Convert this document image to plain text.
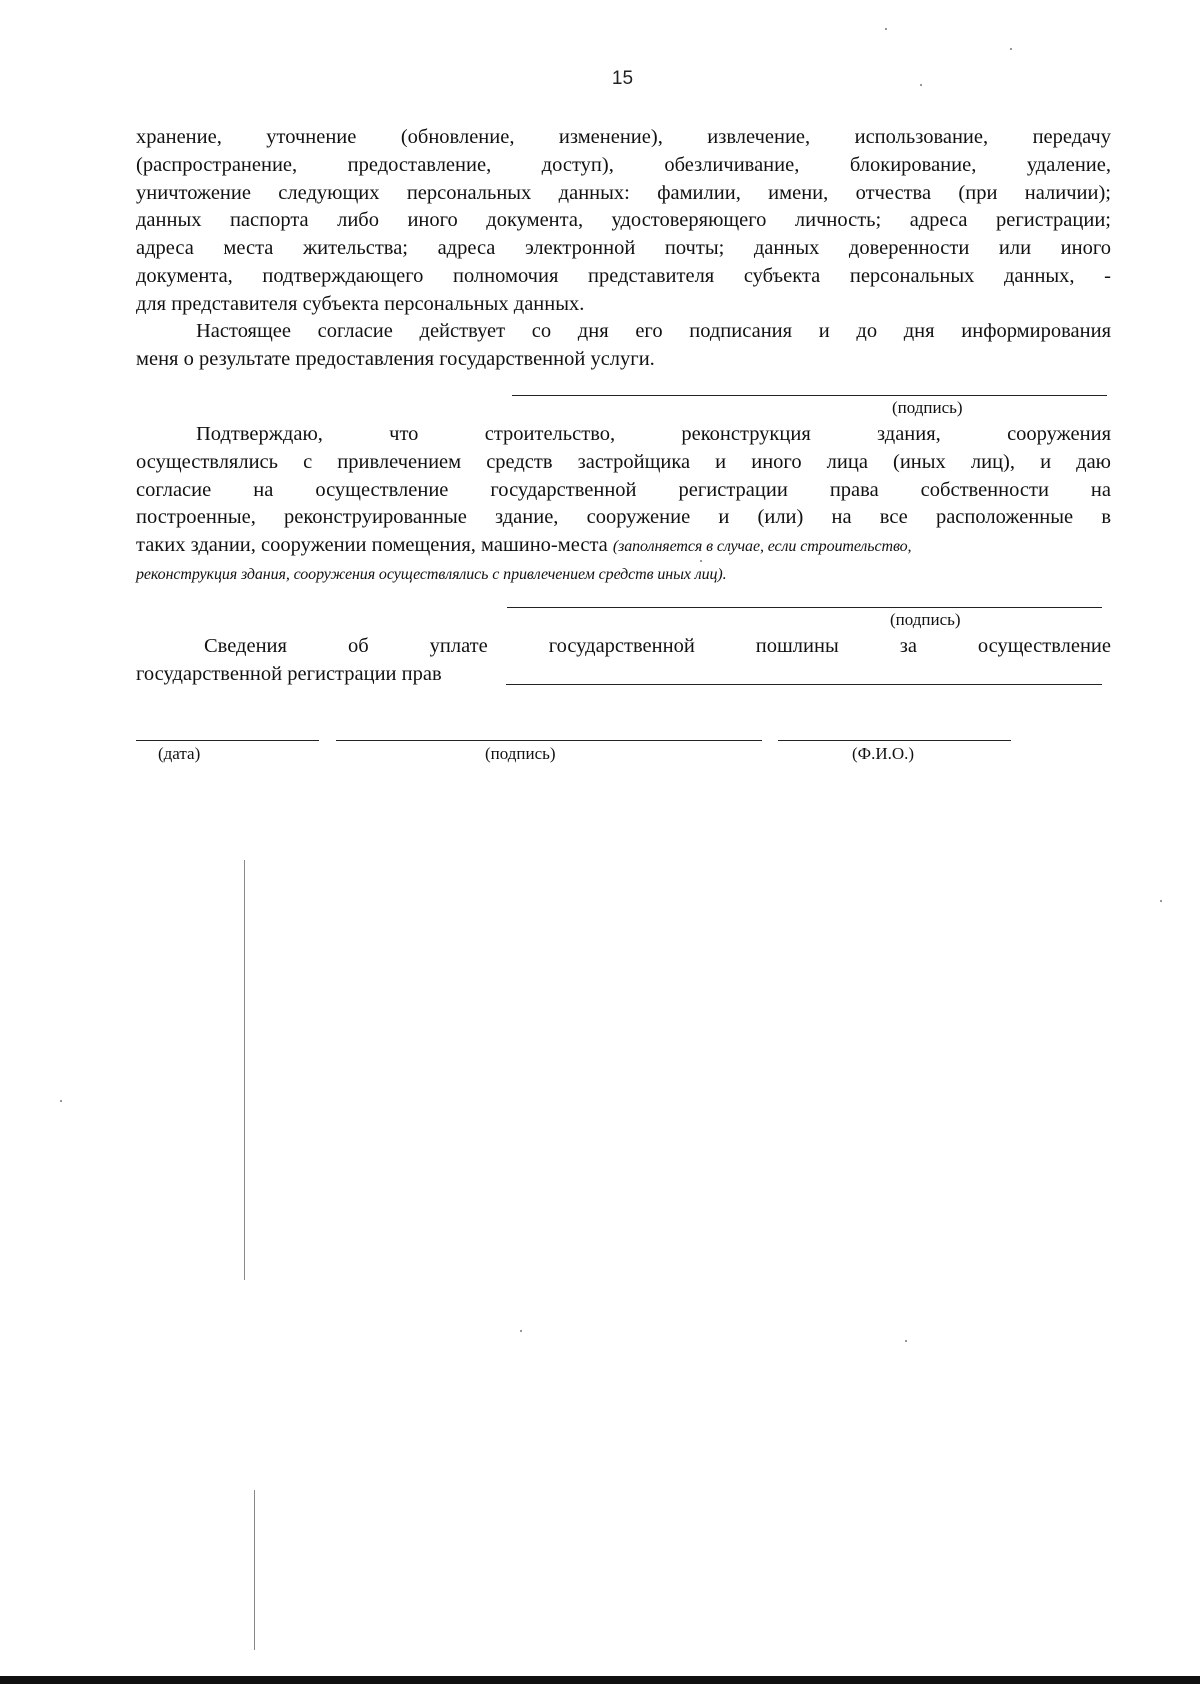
15
хранение, уточнение (обновление, изменение), извлечение, использование, передачу
(распространение, предоставление, доступ), обезличивание, блокирование, удаление,
уничтожение следующих персональных данных: фамилии, имени, отчества (при наличии);
данных паспорта либо иного документа, удостоверяющего личность; адреса регистрации;
адреса места жительства; адреса электронной почты; данных доверенности или иного
документа, подтверждающего полномочия представителя субъекта персональных данных, -
для представителя субъекта персональных данных.
Настоящее согласие действует со дня его подписания и до дня информирования
меня о результате предоставления государственной услуги.
(подпись)
Подтверждаю, что строительство, реконструкция здания, сооружения
осуществлялись с привлечением средств застройщика и иного лица (иных лиц), и даю
согласие на осуществление государственной регистрации права собственности на
построенные, реконструированные здание, сооружение и (или) на все расположенные в
таких здании, сооружении помещения, машино-места (заполняется в случае, если строительство,
реконструкция здания, сооружения осуществлялись с привлечением средств иных лиц).
(подпись)
Сведения об уплате государственной пошлины за осуществление
государственной регистрации прав
(дата)	(подпись)	(Ф.И.О.)
